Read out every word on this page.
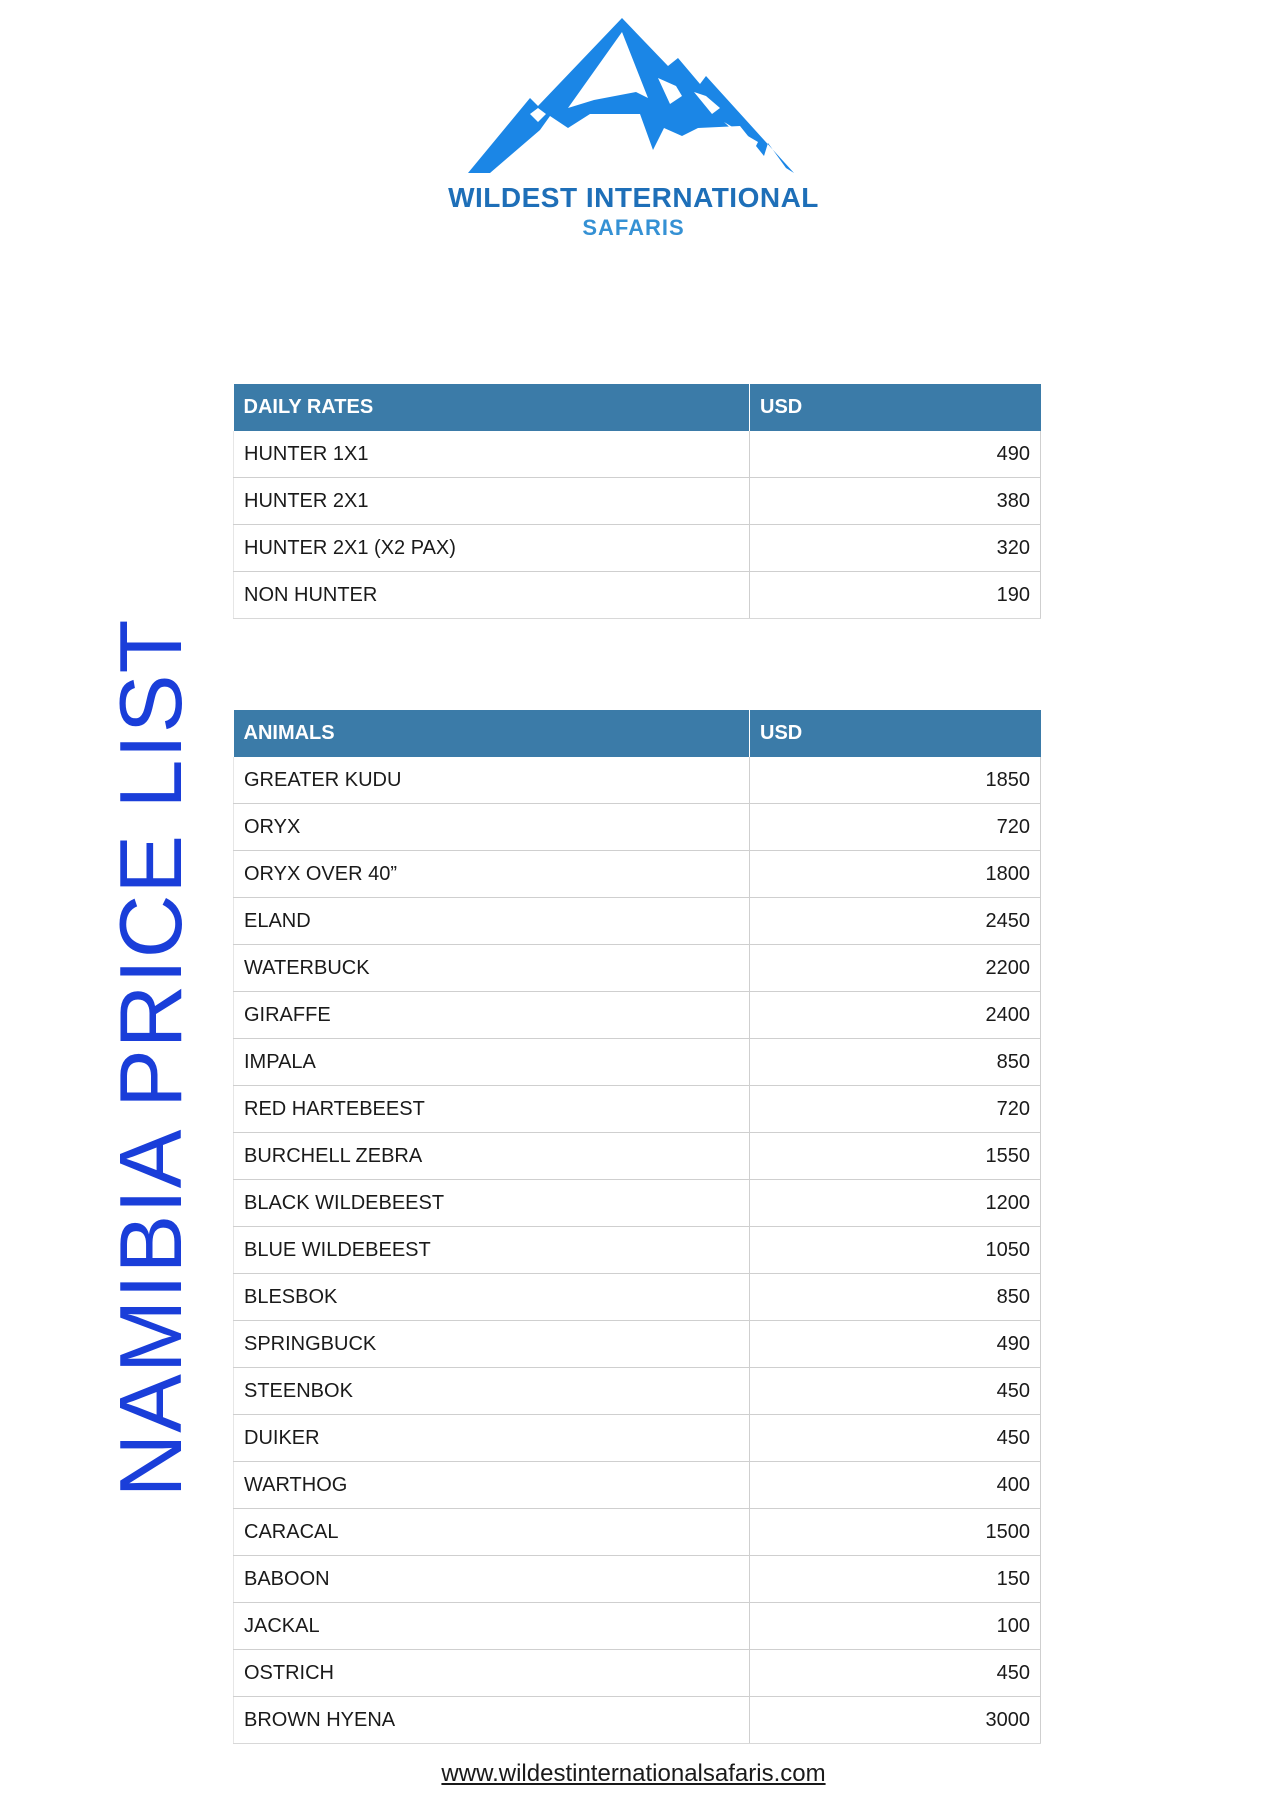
WILDEST INTERNATIONAL
SAFARIS
NAMIBIA PRICE LIST
DAILY RATES	USD
HUNTER 1X1	490
HUNTER 2X1	380
HUNTER 2X1 (X2 PAX)	320
NON HUNTER	190
ANIMALS	USD
GREATER KUDU	1850
ORYX	720
ORYX OVER 40”	1800
ELAND	2450
WATERBUCK	2200
GIRAFFE	2400
IMPALA	850
RED HARTEBEEST	720
BURCHELL ZEBRA	1550
BLACK WILDEBEEST	1200
BLUE WILDEBEEST	1050
BLESBOK	850
SPRINGBUCK	490
STEENBOK	450
DUIKER	450
WARTHOG	400
CARACAL	1500
BABOON	150
JACKAL	100
OSTRICH	450
BROWN HYENA	3000
www.wildestinternationalsafaris.com
